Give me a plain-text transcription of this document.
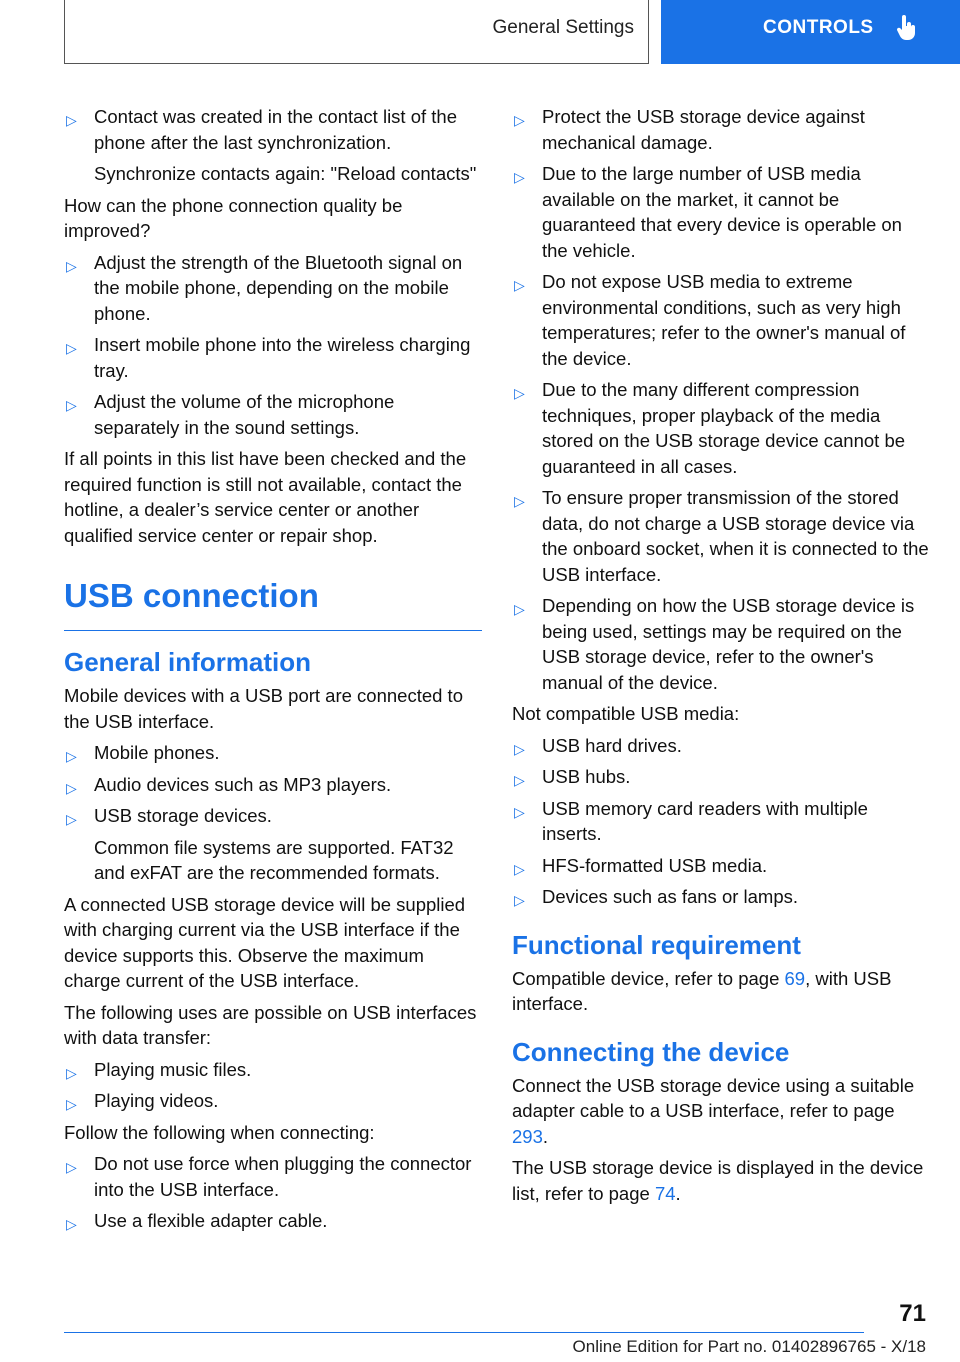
General Settings	CONTROLS
▷ Contact was created in the contact list of the phone after the last synchronization.
Synchronize contacts again: "Reload contacts"

How can the phone connection quality be improved?

▷ Adjust the strength of the Bluetooth signal on the mobile phone, depending on the mobile phone.
▷ Insert mobile phone into the wireless charging tray.
▷ Adjust the volume of the microphone separately in the sound settings.

If all points in this list have been checked and the required function is still not available, contact the hotline, a dealer’s service center or another qualified service center or repair shop.

USB connection
General information

Mobile devices with a USB port are connected to the USB interface.

▷ Mobile phones.
▷ Audio devices such as MP3 players.
▷ USB storage devices.
Common file systems are supported. FAT32 and exFAT are the recommended formats.

A connected USB storage device will be supplied with charging current via the USB interface if the device supports this. Observe the maximum charge current of the USB interface.

The following uses are possible on USB interfaces with data transfer:

▷ Playing music files.
▷ Playing videos.

Follow the following when connecting:

▷ Do not use force when plugging the connector into the USB interface.
▷ Use a flexible adapter cable.
▷ Protect the USB storage device against mechanical damage.
▷ Due to the large number of USB media available on the market, it cannot be guaranteed that every device is operable on the vehicle.
▷ Do not expose USB media to extreme environmental conditions, such as very high temperatures; refer to the owner's manual of the device.
▷ Due to the many different compression techniques, proper playback of the media stored on the USB storage device cannot be guaranteed in all cases.
▷ To ensure proper transmission of the stored data, do not charge a USB storage device via the onboard socket, when it is connected to the USB interface.
▷ Depending on how the USB storage device is being used, settings may be required on the USB storage device, refer to the owner's manual of the device.

Not compatible USB media:

▷ USB hard drives.
▷ USB hubs.
▷ USB memory card readers with multiple inserts.
▷ HFS-formatted USB media.
▷ Devices such as fans or lamps.
Functional requirement

Compatible device, refer to page 69, with USB interface.

Connecting the device

Connect the USB storage device using a suitable adapter cable to a USB interface, refer to page 293.

The USB storage device is displayed in the device list, refer to page 74.

71
Online Edition for Part no. 01402896765 - X/18
